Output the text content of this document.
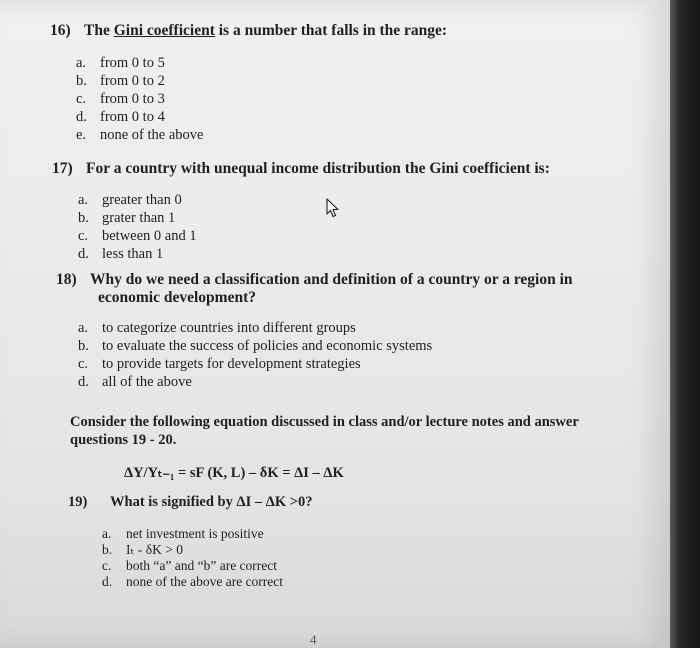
16) The Gini coefficient is a number that falls in the range:
a. from 0 to 5
b. from 0 to 2
c. from 0 to 3
d. from 0 to 4
e. none of the above
17) For a country with unequal income distribution the Gini coefficient is:
a. greater than 0
b. grater than 1
c. between 0 and 1
d. less than 1
18) Why do we need a classification and definition of a country or a region in
economic development?
a. to categorize countries into different groups
b. to evaluate the success of policies and economic systems
c. to provide targets for development strategies
d. all of the above
Consider the following equation discussed in class and/or lecture notes and answer
questions 19 - 20.
ΔY/Yₜ₋₁ = sF (K, L) – δK = ΔI – ΔK
19) What is signified by ΔI – ΔK >0?
a. net investment is positive
b. Iₜ - δK > 0
c. both “a” and “b” are correct
d. none of the above are correct
4
